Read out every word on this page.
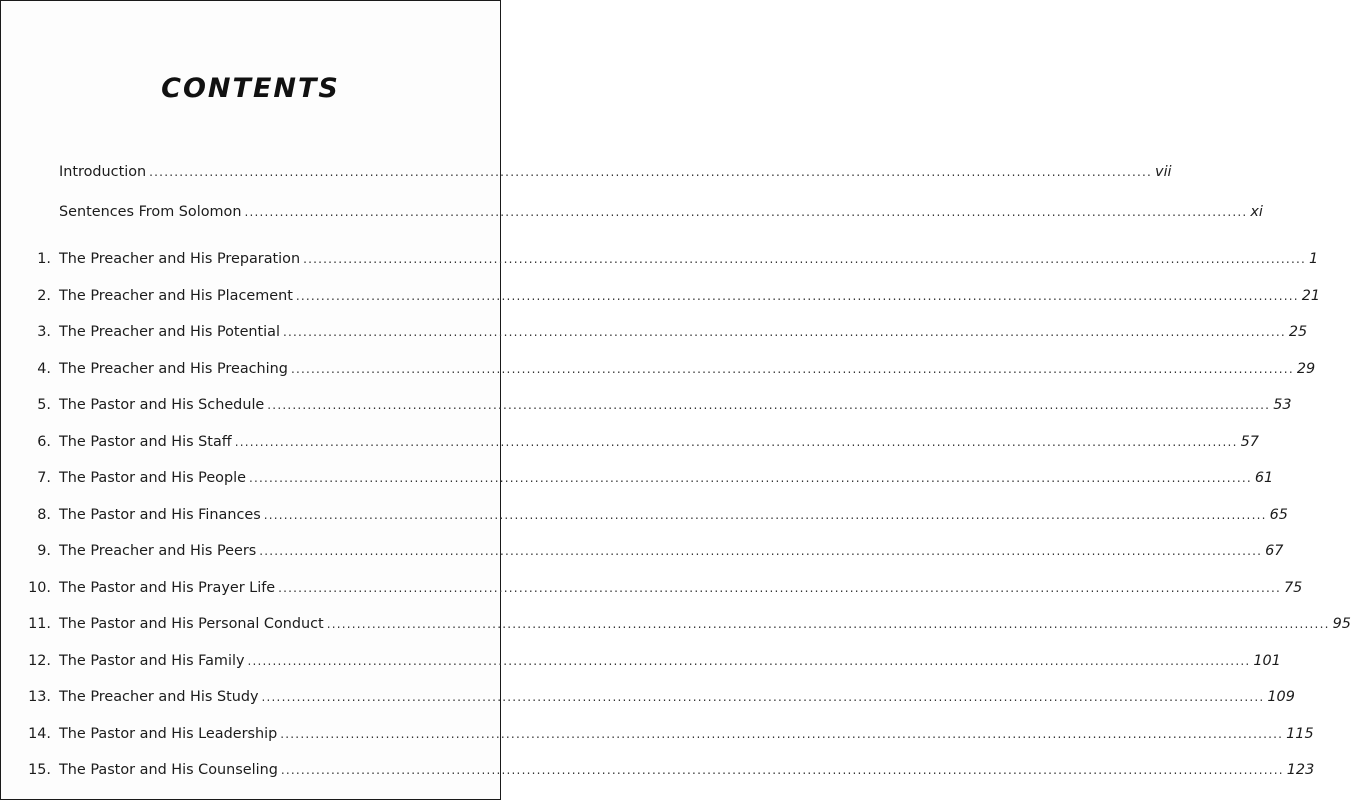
CONTENTS
Introduction ........................................................................................................................................................................................................ vii
Sentences From Solomon ........................................................................................................................................................................................................ xi
1. The Preacher and His Preparation ........................................................................................................................................................................................................ 1
2. The Preacher and His Placement ........................................................................................................................................................................................................ 21
3. The Preacher and His Potential ........................................................................................................................................................................................................ 25
4. The Preacher and His Preaching ........................................................................................................................................................................................................ 29
5. The Pastor and His Schedule ........................................................................................................................................................................................................ 53
6. The Pastor and His Staff ........................................................................................................................................................................................................ 57
7. The Pastor and His People ........................................................................................................................................................................................................ 61
8. The Pastor and His Finances ........................................................................................................................................................................................................ 65
9. The Preacher and His Peers ........................................................................................................................................................................................................ 67
10. The Pastor and His Prayer Life ........................................................................................................................................................................................................ 75
11. The Pastor and His Personal Conduct ........................................................................................................................................................................................................ 95
12. The Pastor and His Family ........................................................................................................................................................................................................ 101
13. The Preacher and His Study ........................................................................................................................................................................................................ 109
14. The Pastor and His Leadership ........................................................................................................................................................................................................ 115
15. The Pastor and His Counseling ........................................................................................................................................................................................................ 123
